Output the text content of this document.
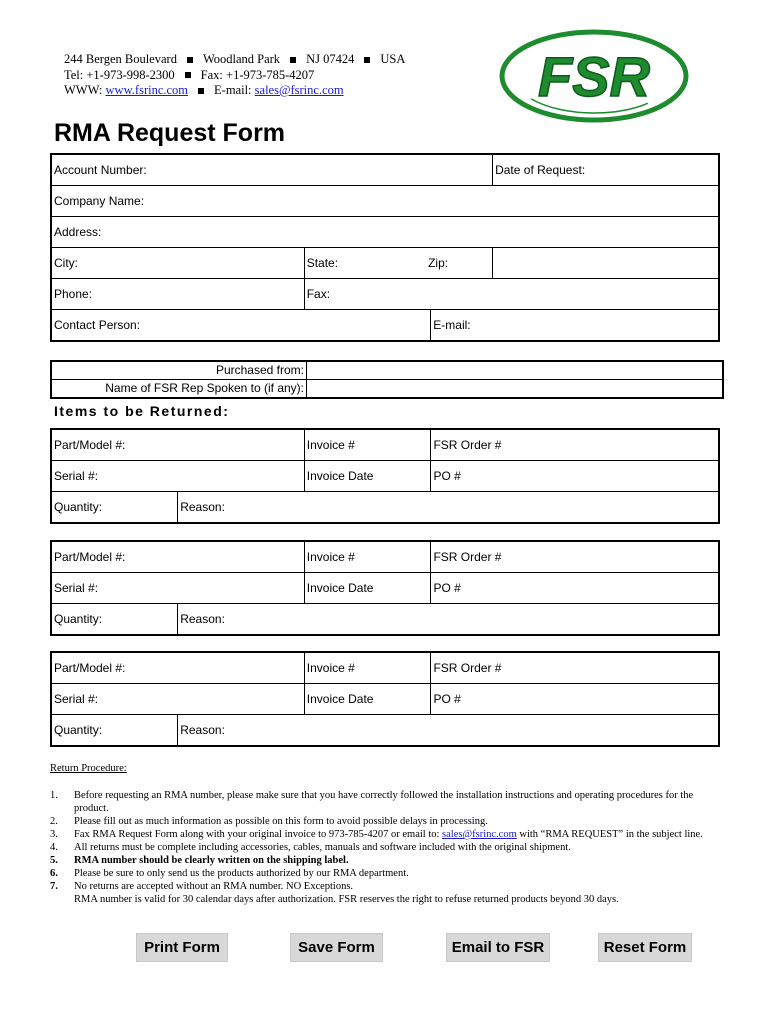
244 Bergen Boulevard Woodland Park NJ 07424 USA
Tel: +1-973-998-2300 Fax: +1-973-785-4207
WWW: www.fsrinc.com E-mail: sales@fsrinc.com	FSR
RMA Request Form
Account Number:			Date of Request:
Company Name:			
Address:			
City:	State:		Zip:
Phone:	Fax:		
Contact Person:		E-mail:	
Purchased from:
Name of FSR Rep Spoken to (if any):
Items to be Returned:
Part/Model #:		Invoice #	FSR Order #
Serial #:		Invoice Date	PO #
Quantity:	Reason:		
Part/Model #:		Invoice #	FSR Order #
Serial #:		Invoice Date	PO #
Quantity:	Reason:		
Part/Model #:		Invoice #	FSR Order #
Serial #:		Invoice Date	PO #
Quantity:	Reason:		
Return Procedure:
1.	Before requesting an RMA number, please make sure that you have correctly followed the installation instructions and operating procedures for the product.
2.	Please fill out as much information as possible on this form to avoid possible delays in processing.
3.	Fax RMA Request Form along with your original invoice to 973-785-4207 or email to: sales@fsrinc.com with “RMA REQUEST” in the subject line.
4.	All returns must be complete including accessories, cables, manuals and software included with the original shipment.
5.	RMA number should be clearly written on the shipping label.
6.	Please be sure to only send us the products authorized by our RMA department.
7.	No returns are accepted without an RMA number. NO Exceptions.
RMA number is valid for 30 calendar days after authorization. FSR reserves the right to refuse returned products beyond 30 days.
Print Form	Save Form	Email to FSR	Reset Form
